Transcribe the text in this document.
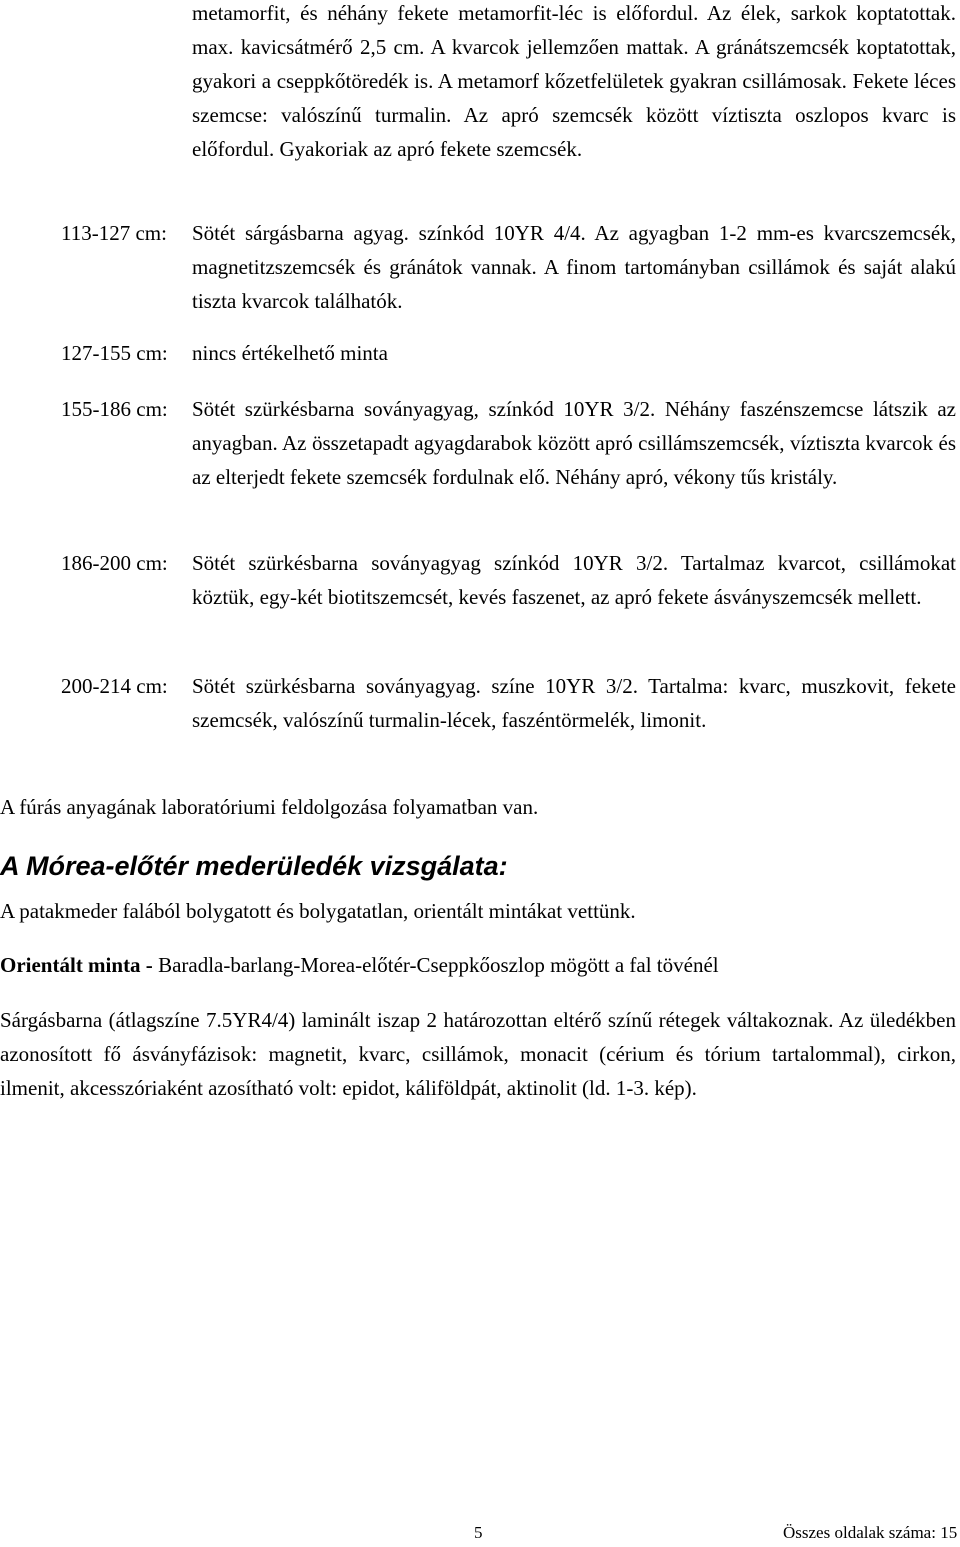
metamorfit, és néhány fekete metamorfit-léc is előfordul. Az élek, sarkok koptatottak. max. kavicsátmérő 2,5 cm. A kvarcok jellemzően mattak. A gránátszemcsék koptatottak, gyakori a cseppkőtöredék is. A metamorf kőzetfelületek gyakran csillámosak. Fekete léces szemcse: valószínű turmalin. Az apró szemcsék között víztiszta oszlopos kvarc is előfordul. Gyakoriak az apró fekete szemcsék.
113-127 cm: Sötét sárgásbarna agyag. színkód 10YR 4/4. Az agyagban 1-2 mm-es kvarcszemcsék, magnetitzszemcsék és gránátok vannak. A finom tartományban csillámok és saját alakú tiszta kvarcok találhatók.
127-155 cm: nincs értékelhető minta
155-186 cm: Sötét szürkésbarna soványagyag, színkód 10YR 3/2. Néhány faszénszemcse látszik az anyagban. Az összetapadt agyagdarabok között apró csillámszemcsék, víztiszta kvarcok és az elterjedt fekete szemcsék fordulnak elő. Néhány apró, vékony tűs kristály.
186-200 cm: Sötét szürkésbarna soványagyag színkód 10YR 3/2. Tartalmaz kvarcot, csillámokat köztük, egy-két biotitszemcsét, kevés faszenet, az apró fekete ásványszemcsék mellett.
200-214 cm: Sötét szürkésbarna soványagyag. színe 10YR 3/2. Tartalma: kvarc, muszkovit, fekete szemcsék, valószínű turmalin-lécek, faszéntörmelék, limonit.
A fúrás anyagának laboratóriumi feldolgozása folyamatban van.
A Mórea-előtér mederüledék vizsgálata:
A patakmeder falából bolygatott és bolygatatlan, orientált mintákat vettünk.
Orientált minta - Baradla-barlang-Morea-előtér-Cseppkőoszlop mögött a fal tövénél
Sárgásbarna (átlagszíne 7.5YR4/4) laminált iszap 2 határozottan eltérő színű rétegek váltakoznak. Az üledékben azonosított fő ásványfázisok: magnetit, kvarc, csillámok, monacit (cérium és tórium tartalommal), cirkon, ilmenit, akcesszóriaként azosítható volt: epidot, káliföldpát, aktinolit (ld. 1-3. kép).
5	Összes oldalak száma: 15
